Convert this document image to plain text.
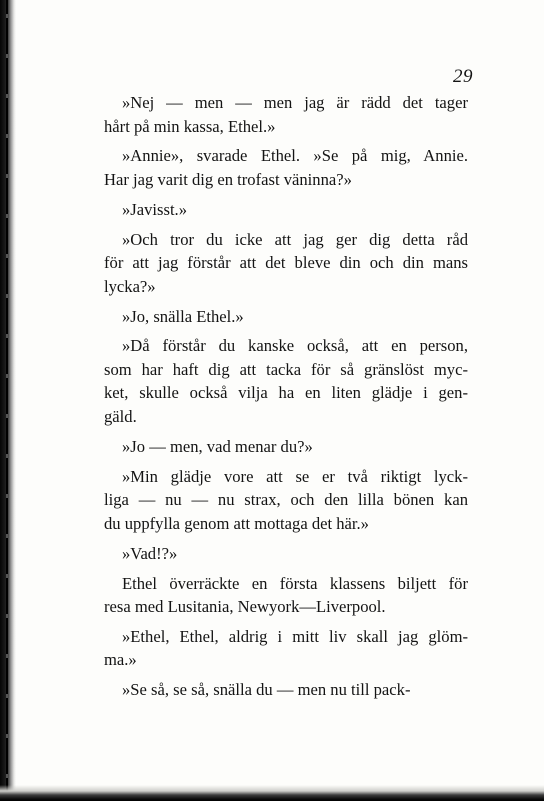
29
»Nej — men — men jag är rädd det tager
hårt på min kassa, Ethel.»
»Annie», svarade Ethel. »Se på mig, Annie.
Har jag varit dig en trofast väninna?»
»Javisst.»
»Och tror du icke att jag ger dig detta råd
för att jag förstår att det bleve din och din mans
lycka?»
»Jo, snälla Ethel.»
»Då förstår du kanske också, att en person,
som har haft dig att tacka för så gränslöst myc-
ket, skulle också vilja ha en liten glädje i gen-
gäld.
»Jo — men, vad menar du?»
»Min glädje vore att se er två riktigt lyck-
liga — nu — nu strax, och den lilla bönen kan
du uppfylla genom att mottaga det här.»
»Vad!?»
Ethel överräckte en första klassens biljett för
resa med Lusitania, Newyork—Liverpool.
»Ethel, Ethel, aldrig i mitt liv skall jag glöm-
ma.»
»Se så, se så, snälla du — men nu till pack-
